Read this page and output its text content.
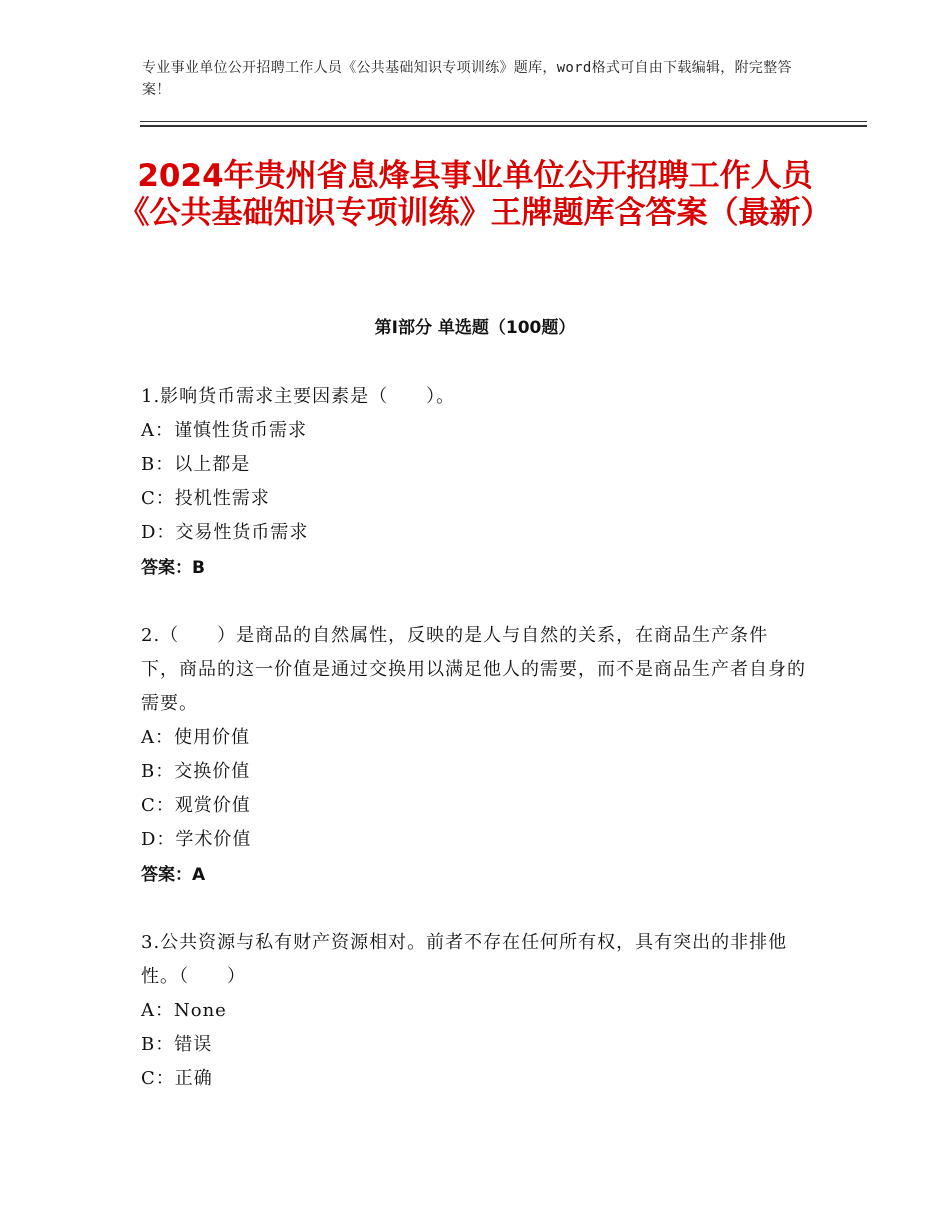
专业事业单位公开招聘工作人员《公共基础知识专项训练》题库，word格式可自由下载编辑，附完整答案！
2024年贵州省息烽县事业单位公开招聘工作人员《公共基础知识专项训练》王牌题库含答案（最新）
第Ⅰ部分 单选题（100题）

1.影响货币需求主要因素是（　　）。

A：谨慎性货币需求
B：以上都是
C：投机性需求
D：交易性货币需求
答案：B

2.（　　）是商品的自然属性，反映的是人与自然的关系，在商品生产条件下，商品的这一价值是通过交换用以满足他人的需要，而不是商品生产者自身的需要。

A：使用价值
B：交换价值
C：观赏价值
D：学术价值
答案：A

3.公共资源与私有财产资源相对。前者不存在任何所有权，具有突出的非排他性。（　　）

A：None
B：错误
C：正确
